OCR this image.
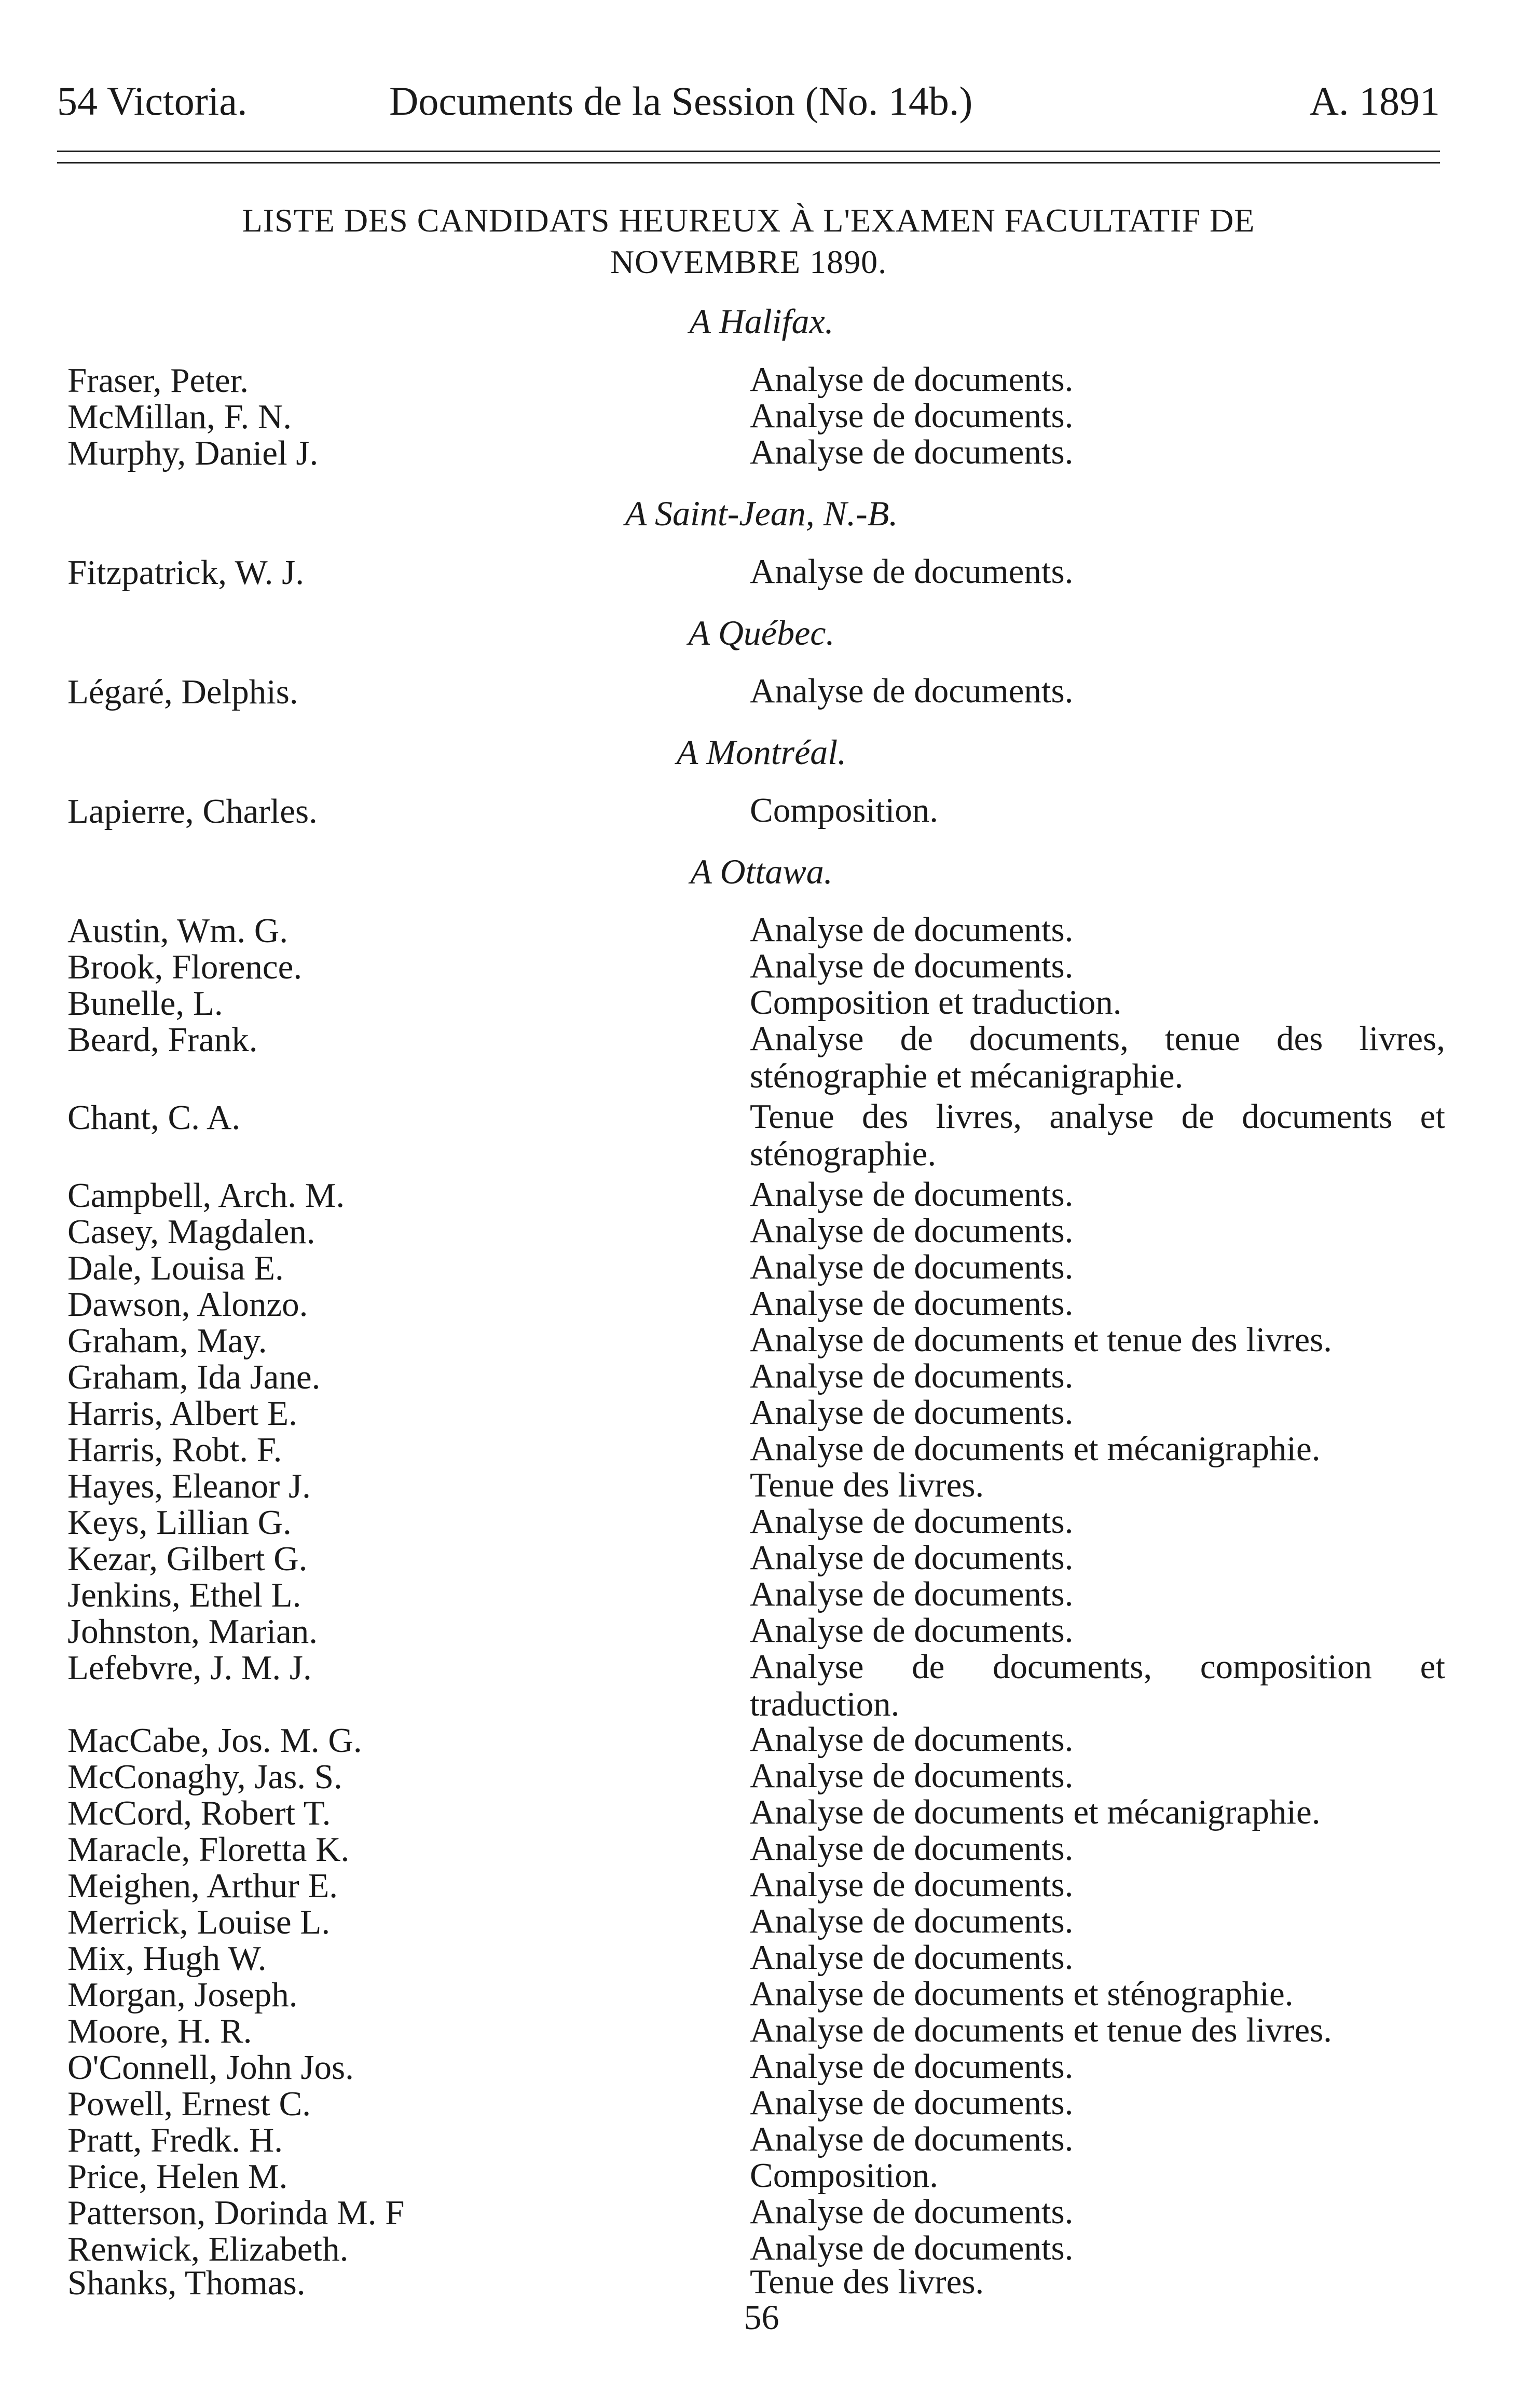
54 Victoria.	Documents de la Session (No. 14b.)	A. 1891
LISTE DES CANDIDATS HEUREUX À L'EXAMEN FACULTATIF DE
NOVEMBRE 1890.
A Halifax.
A Saint-Jean, N.-B.
A Québec.
A Montréal.
A Ottawa.
Fraser, Peter.	Analyse de documents.
McMillan, F. N.	Analyse de documents.
Murphy, Daniel J.	Analyse de documents.
Fitzpatrick, W. J.	Analyse de documents.
Légaré, Delphis.	Analyse de documents.
Lapierre, Charles.	Composition.
Austin, Wm. G.	Analyse de documents.
Brook, Florence.	Analyse de documents.
Bunelle, L.	Composition et traduction.
Beard, Frank.	Analyse de documents, tenue des livres, sténographie et mécanigraphie.
Chant, C. A.	Tenue des livres, analyse de documents et sténographie.
Campbell, Arch. M.	Analyse de documents.
Casey, Magdalen.	Analyse de documents.
Dale, Louisa E.	Analyse de documents.
Dawson, Alonzo.	Analyse de documents.
Graham, May.	Analyse de documents et tenue des livres.
Graham, Ida Jane.	Analyse de documents.
Harris, Albert E.	Analyse de documents.
Harris, Robt. F.	Analyse de documents et mécanigraphie.
Hayes, Eleanor J.	Tenue des livres.
Keys, Lillian G.	Analyse de documents.
Kezar, Gilbert G.	Analyse de documents.
Jenkins, Ethel L.	Analyse de documents.
Johnston, Marian.	Analyse de documents.
Lefebvre, J. M. J.	Analyse de documents, composition et traduction.
MacCabe, Jos. M. G.	Analyse de documents.
McConaghy, Jas. S.	Analyse de documents.
McCord, Robert T.	Analyse de documents et mécanigraphie.
Maracle, Floretta K.	Analyse de documents.
Meighen, Arthur E.	Analyse de documents.
Merrick, Louise L.	Analyse de documents.
Mix, Hugh W.	Analyse de documents.
Morgan, Joseph.	Analyse de documents et sténographie.
Moore, H. R.	Analyse de documents et tenue des livres.
O'Connell, John Jos.	Analyse de documents.
Powell, Ernest C.	Analyse de documents.
Pratt, Fredk. H.	Analyse de documents.
Price, Helen M.	Composition.
Patterson, Dorinda M. F	Analyse de documents.
Renwick, Elizabeth.	Analyse de documents.
Shanks, Thomas.	Tenue des livres.
56
